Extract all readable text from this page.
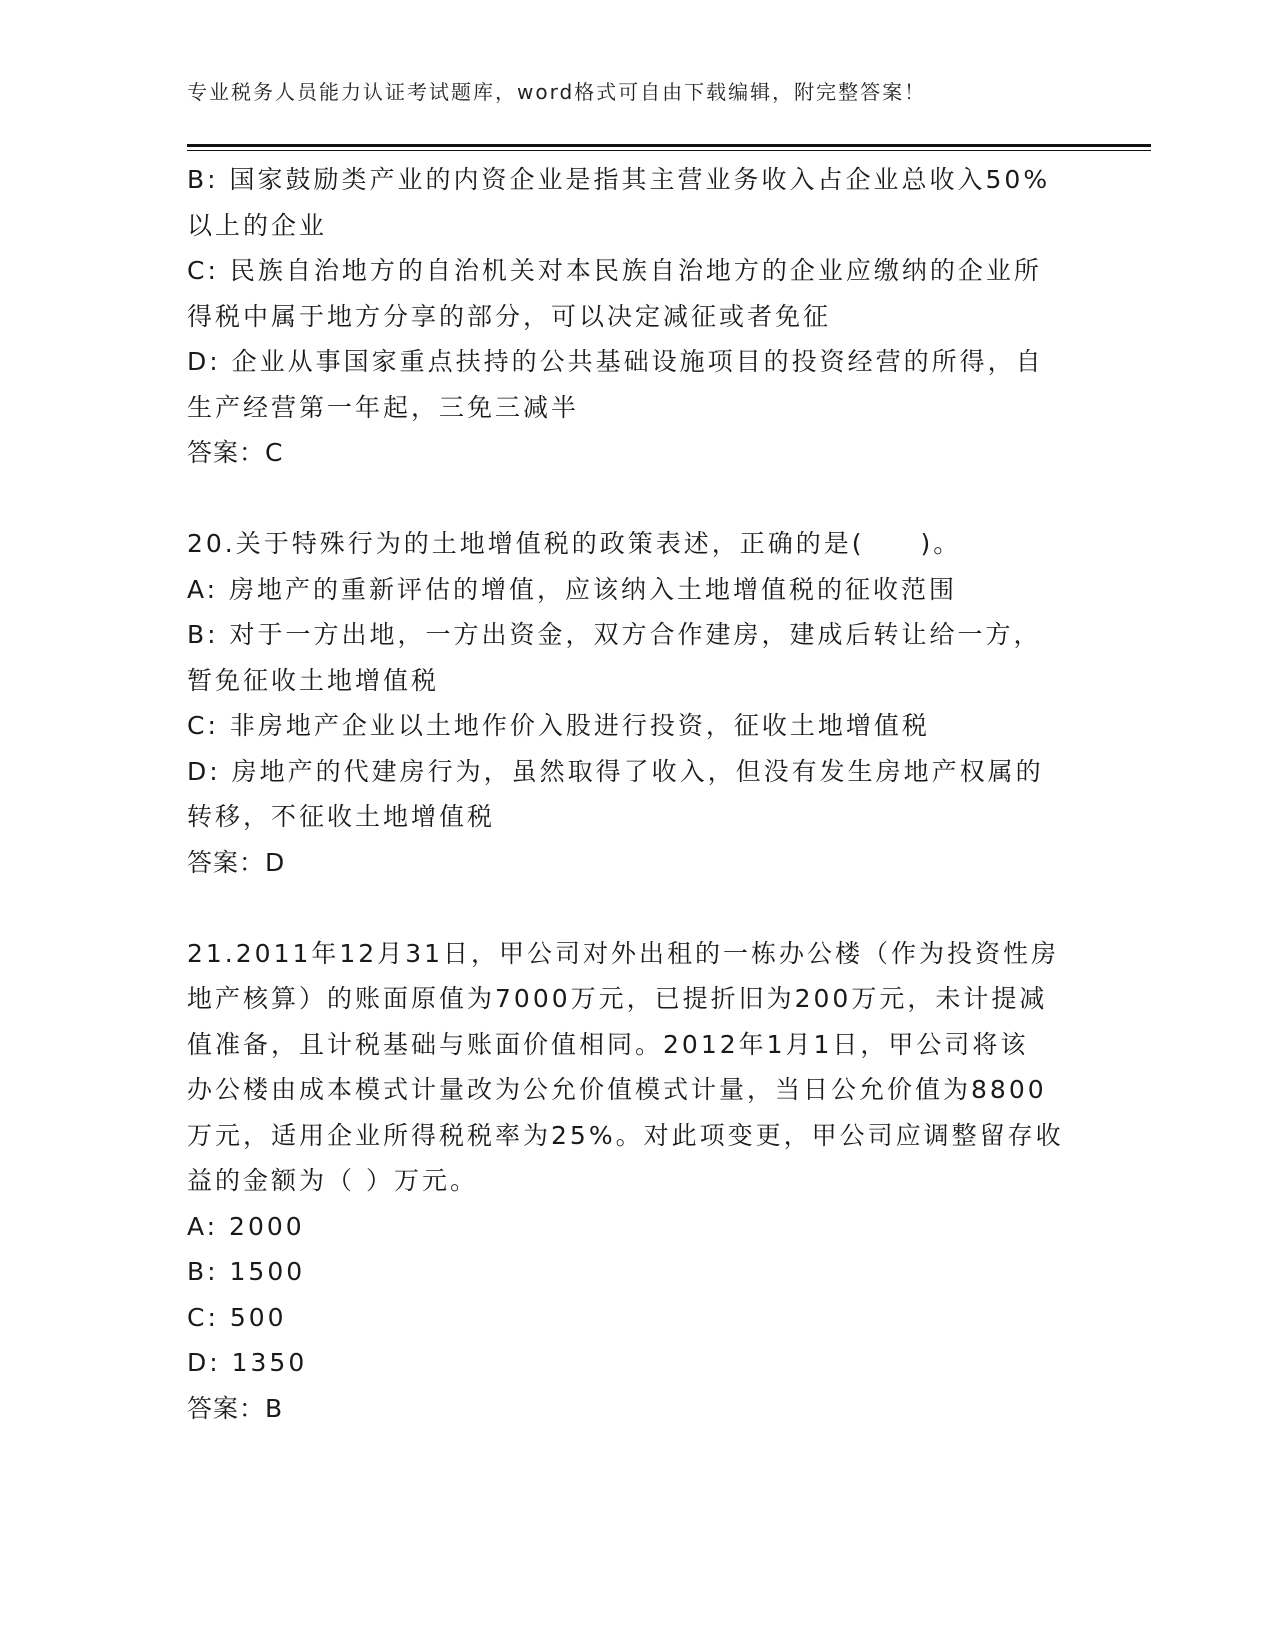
专业税务人员能力认证考试题库，word格式可自由下载编辑，附完整答案！
B: 国家鼓励类产业的内资企业是指其主营业务收入占企业总收入50%
以上的企业
C: 民族自治地方的自治机关对本民族自治地方的企业应缴纳的企业所
得税中属于地方分享的部分，可以决定减征或者免征
D: 企业从事国家重点扶持的公共基础设施项目的投资经营的所得，自
生产经营第一年起，三免三减半
答案：C
20.关于特殊行为的土地增值税的政策表述，正确的是(　　)。
A: 房地产的重新评估的增值，应该纳入土地增值税的征收范围
B: 对于一方出地，一方出资金，双方合作建房，建成后转让给一方，
暂免征收土地增值税
C: 非房地产企业以土地作价入股进行投资，征收土地增值税
D: 房地产的代建房行为，虽然取得了收入，但没有发生房地产权属的
转移，不征收土地增值税
答案：D
21.2011年12月31日，甲公司对外出租的一栋办公楼（作为投资性房
地产核算）的账面原值为7000万元，已提折旧为200万元，未计提减
值准备，且计税基础与账面价值相同。2012年1月1日，甲公司将该
办公楼由成本模式计量改为公允价值模式计量，当日公允价值为8800
万元，适用企业所得税税率为25%。对此项变更，甲公司应调整留存收
益的金额为（ ）万元。
A: 2000
B: 1500
C: 500
D: 1350
答案：B
